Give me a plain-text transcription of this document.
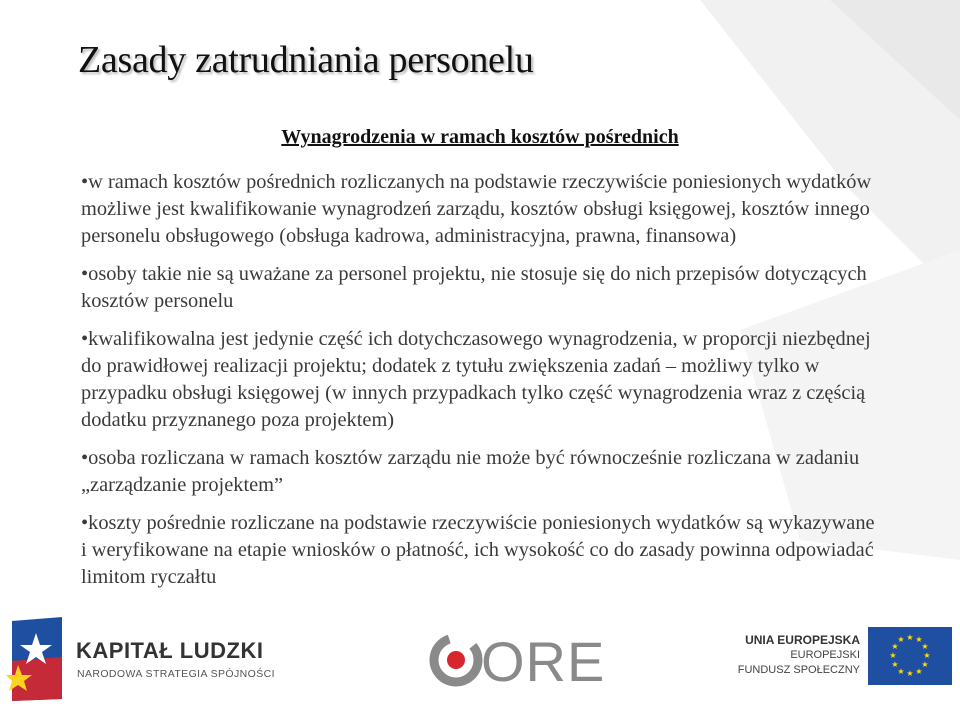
Zasady zatrudniania personelu
Wynagrodzenia w ramach kosztów pośrednich

•w ramach kosztów pośrednich rozliczanych na podstawie rzeczywiście poniesionych wydatków możliwe jest kwalifikowanie wynagrodzeń zarządu, kosztów obsługi księgowej, kosztów innego personelu obsługowego (obsługa kadrowa, administracyjna, prawna, finansowa)

•osoby takie nie są uważane za personel projektu, nie stosuje się do nich przepisów dotyczących kosztów personelu

•kwalifikowalna jest jedynie część ich dotychczasowego wynagrodzenia, w proporcji niezbędnej do prawidłowej realizacji projektu; dodatek z tytułu zwiększenia zadań – możliwy tylko w przypadku obsługi księgowej (w innych przypadkach tylko część wynagrodzenia wraz z częścią dodatku przyznanego poza projektem)

•osoba rozliczana w ramach kosztów zarządu nie może być równocześnie rozliczana w zadaniu „zarządzanie projektem”

•koszty pośrednie rozliczane na podstawie rzeczywiście poniesionych wydatków są wykazywane i weryfikowane na etapie wniosków o płatność, ich wysokość co do zasady powinna odpowiadać limitom ryczałtu

KAPITAŁ LUDZKI
NARODOWA STRATEGIA SPÓJNOŚCI	ORE	UNIA EUROPEJSKA
EUROPEJSKI
FUNDUSZ SPOŁECZNY
★ ★
★
★
★
★
★
★
★
★
★
★
